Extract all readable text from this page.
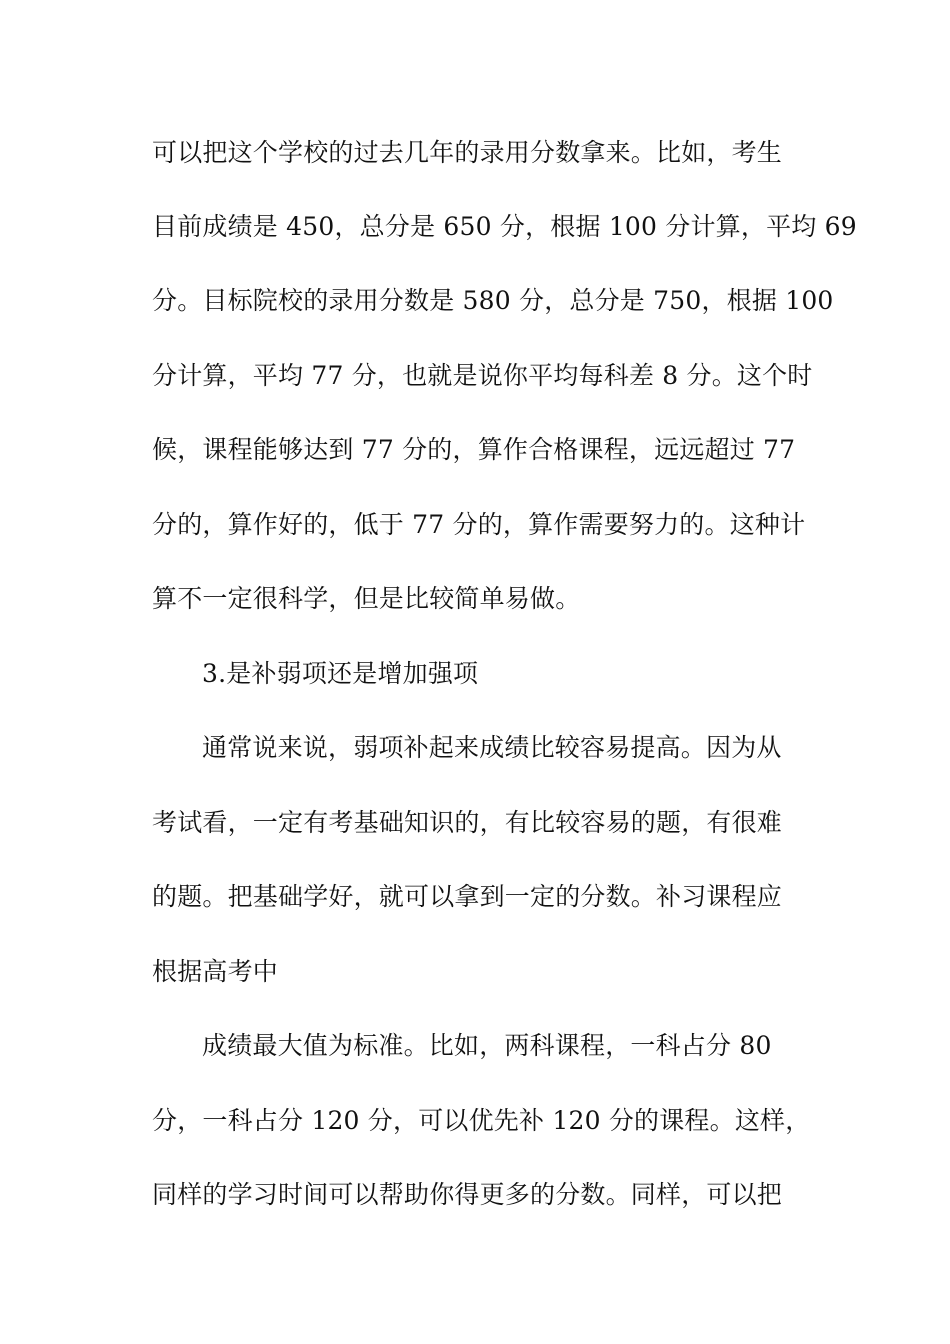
可以把这个学校的过去几年的录用分数拿来。比如，考生
目前成绩是 450，总分是 650 分，根据 100 分计算，平均 69
分。目标院校的录用分数是 580 分，总分是 750，根据 100
分计算，平均 77 分，也就是说你平均每科差 8 分。这个时
候，课程能够达到 77 分的，算作合格课程，远远超过 77
分的，算作好的，低于 77 分的，算作需要努力的。这种计
算不一定很科学，但是比较简单易做。
3.是补弱项还是增加强项
通常说来说，弱项补起来成绩比较容易提高。因为从
考试看，一定有考基础知识的，有比较容易的题，有很难
的题。把基础学好，就可以拿到一定的分数。补习课程应
根据高考中
成绩最大值为标准。比如，两科课程，一科占分 80
分，一科占分 120 分，可以优先补 120 分的课程。这样，
同样的学习时间可以帮助你得更多的分数。同样，可以把
